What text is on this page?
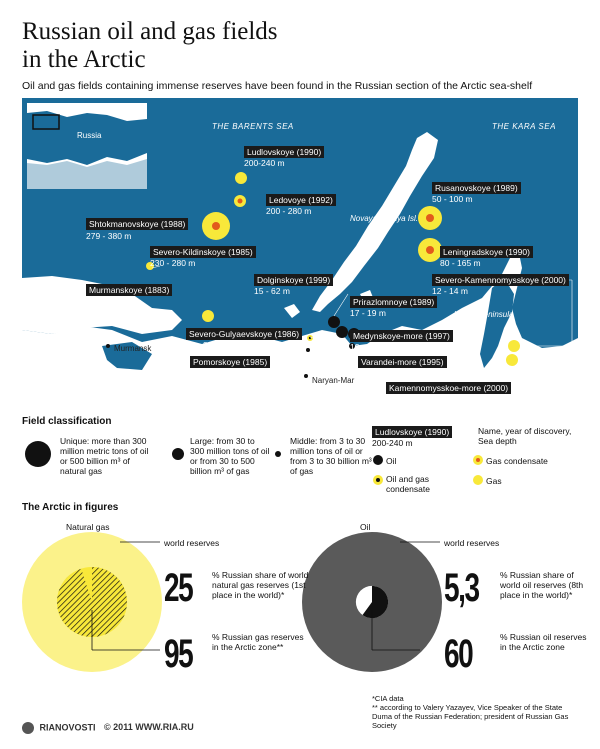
Russian oil and gas fields
in the Arctic
Oil and gas fields containing immense reserves have been found in the Russian section of the Arctic sea-shelf
Russia
THE BARENTS SEA	THE KARA SEA
Novaya Zemlya Isl.
Yamal Peninsula
Murmansk
Naryan-Mar
Ludlovskoye (1990)
200-240 m
Ledovoye (1992)
200 - 280 m
Shtokmanovskoye (1988)
279 - 380 m
Severo-Kildinskoye (1985)
230 - 280 m
Murmanskoye (1883)
68 - 123 m
Severo-Gulyaevskoye (1986)
10 - 30 m
Pomorskoye (1985)
20 - 30 m
Dolginskoye (1999)
15 - 62 m
Prirazlomnoye (1989)
17 - 19 m
Medynskoye-more (1997)
12 - 22 m
Varandei-more (1995)
14 - 18 m
Rusanovskoye (1989)
50 - 100 m
Leningradskoye (1990)
80 - 165 m
Severo-Kamennomysskoye (2000)
12 - 14 m
Kamennomysskoe-more (2000)
11 - 17 m
Field classification
Unique: more than 300 million metric tons of oil or 500 billion m³ of natural gas
Large: from 30 to 300 million tons of oil or from 30 to 500 billion m³ of gas
Middle: from 3 to 30 million tons of oil or from 3 to 30 billion m³ of gas
Ludlovskoye (1990)
200-240 m
Name, year of discovery, Sea depth
Oil
Oil and gas condensate
Gas condensate
Gas
The Arctic in figures
Natural gas	Oil
world reserves	world reserves
25 % Russian share of world natural gas reserves (1st place in the world)*
95 % Russian gas reserves in the Arctic zone**
5,3	% Russian share of world oil reserves (8th place in the world)*
60	% Russian oil reserves in the Arctic zone
RIANOVOSTI © 2011 WWW.RIA.RU
*CIA data
** according to Valery Yazayev, Vice Speaker of the State Duma of the Russian Federation; president of Russian Gas Society
